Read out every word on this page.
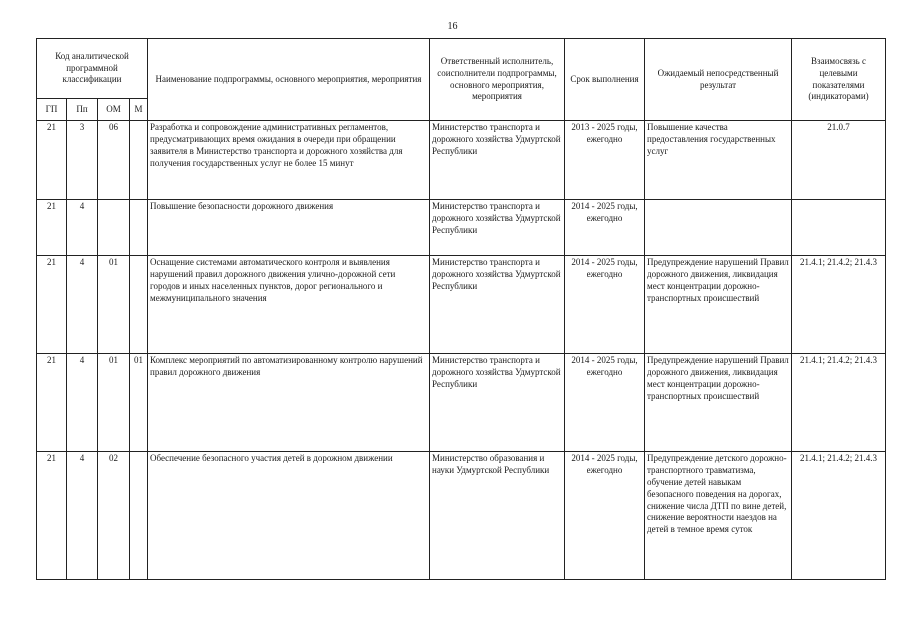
16
Код аналитической программной классификации				Наименование подпрограммы, основного мероприятия, мероприятия	Ответственный исполнитель, соисполнители подпрограммы, основного мероприятия, мероприятия	Срок выполнения	Ожидаемый непосредственный результат	Взаимосвязь с целевыми показателями (индикаторами)
ГП	Пп	ОМ	М					
21	3	06		Разработка и сопровождение административных регламентов, предусматривающих время ожидания в очереди при обращении заявителя в Министерство транспорта и дорожного хозяйства для получения государственных услуг не более 15 минут	Министерство транспорта и дорожного хозяйства Удмуртской Республики	2013 - 2025 годы, ежегодно	Повышение качества предоставления государственных услуг	21.0.7
21	4			Повышение безопасности дорожного движения	Министерство транспорта и дорожного хозяйства Удмуртской Республики	2014 - 2025 годы, ежегодно		
21	4	01		Оснащение системами автоматического контроля и выявления нарушений правил дорожного движения улично-дорожной сети городов и иных населенных пунктов, дорог регионального и межмуниципального значения	Министерство транспорта и дорожного хозяйства Удмуртской Республики	2014 - 2025 годы, ежегодно	Предупреждение нарушений Правил дорожного движения, ликвидация мест концентрации дорожно-транспортных происшествий	21.4.1; 21.4.2; 21.4.3
21	4	01	01	Комплекс мероприятий по автоматизированному контролю нарушений правил дорожного движения	Министерство транспорта и дорожного хозяйства Удмуртской Республики	2014 - 2025 годы, ежегодно	Предупреждение нарушений Правил дорожного движения, ликвидация мест концентрации дорожно-транспортных происшествий	21.4.1; 21.4.2; 21.4.3
21	4	02		Обеспечение безопасного участия детей в дорожном движении	Министерство образования и науки Удмуртской Республики	2014 - 2025 годы, ежегодно	Предупреждение детского дорожно-транспортного травматизма, обучение детей навыкам безопасного поведения на дорогах, снижение числа ДТП по вине детей, снижение вероятности наездов на детей в темное время суток	21.4.1; 21.4.2; 21.4.3
